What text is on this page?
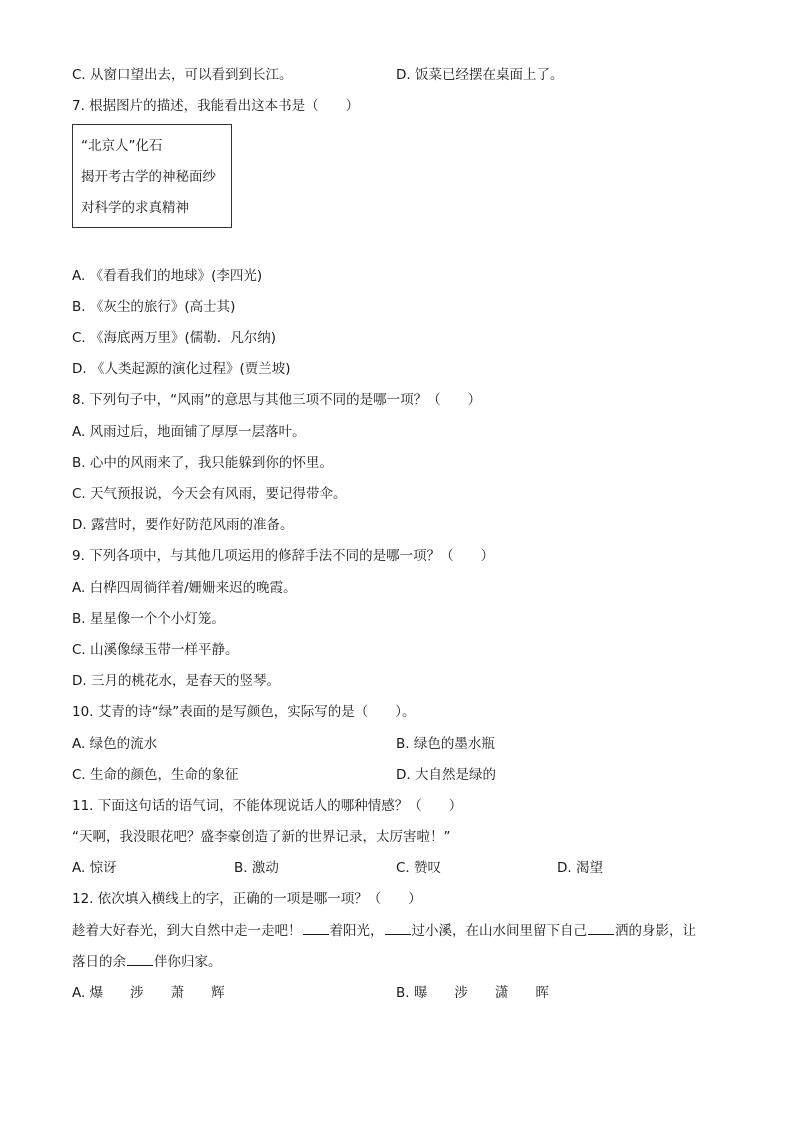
C. 从窗口望出去，可以看到到长江。	D. 饭菜已经摆在桌面上了。
7. 根据图片的描述，我能看出这本书是（　　）
“北京人”化石
揭开考古学的神秘面纱
对科学的求真精神
A. 《看看我们的地球》(李四光)
B. 《灰尘的旅行》(高士其)
C. 《海底两万里》(儒勒．凡尔纳)
D. 《人类起源的演化过程》(贾兰坡)
8. 下列句子中，“风雨”的意思与其他三项不同的是哪一项？（　　）
A. 风雨过后，地面铺了厚厚一层落叶。
B. 心中的风雨来了，我只能躲到你的怀里。
C. 天气预报说，今天会有风雨，要记得带伞。
D. 露营时，要作好防范风雨的准备。
9. 下列各项中，与其他几项运用的修辞手法不同的是哪一项？（　　）
A. 白桦四周徜徉着/姗姗来迟的晚霞。
B. 星星像一个个小灯笼。
C. 山溪像绿玉带一样平静。
D. 三月的桃花水，是春天的竖琴。
10. 艾青的诗“绿”表面的是写颜色，实际写的是（　　）。
A. 绿色的流水	B. 绿色的墨水瓶
C. 生命的颜色，生命的象征	D. 大自然是绿的
11. 下面这句话的语气词，不能体现说话人的哪种情感？（　　）
“天啊，我没眼花吧？盛李豪创造了新的世界记录，太厉害啦！”
A. 惊讶	B. 激动	C. 赞叹	D. 渴望
12. 依次填入横线上的字，正确的一项是哪一项？（　　）
趁着大好春光，到大自然中走一走吧！ 着阳光， 过小溪，在山水间里留下自己 洒的身影，让
落日的余 伴你归家。
A. 爆　　涉　　萧　　辉	B. 曝　　涉　　潇　　晖
